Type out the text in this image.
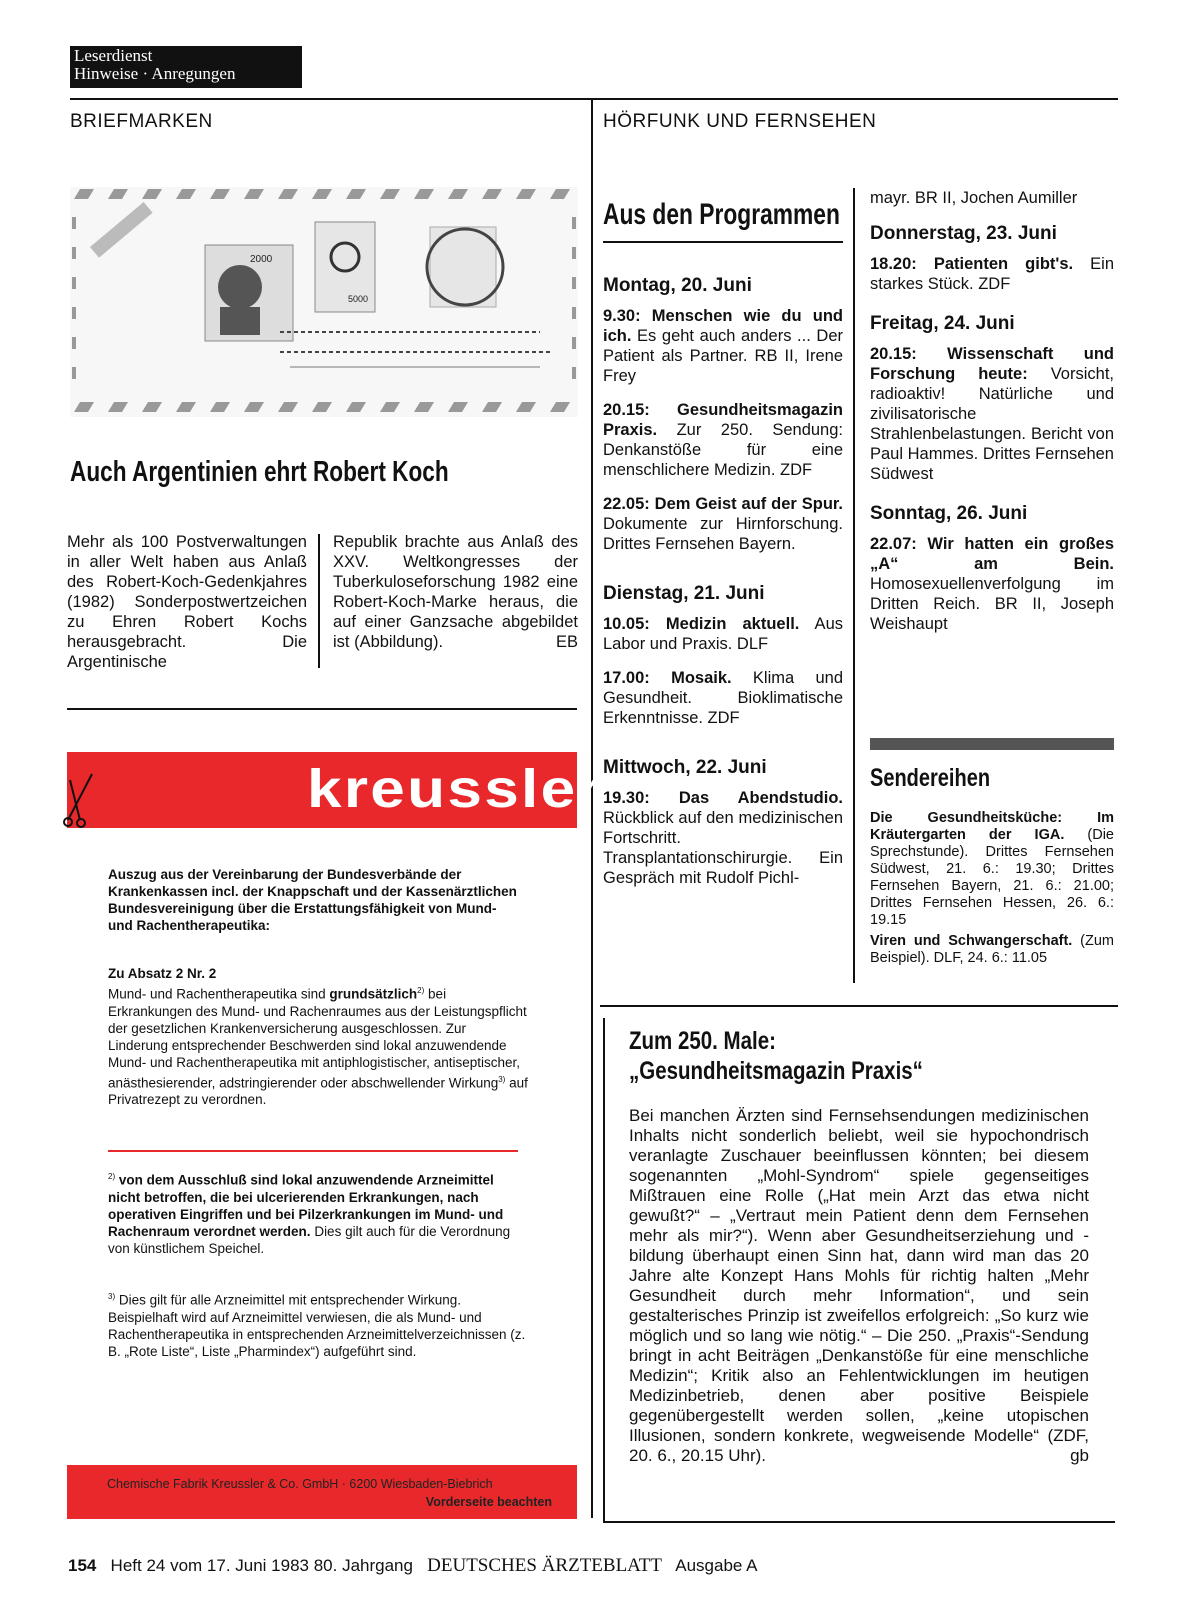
Leserdienst
Hinweise · Anregungen
BRIEFMARKEN
2000
5000
Auch Argentinien ehrt Robert Koch
Mehr als 100 Postverwaltungen in aller Welt haben aus Anlaß des Robert-Koch-Gedenkjahres (1982) Sonderpostwertzeichen zu Ehren Robert Kochs herausgebracht. Die Argentinische
Republik brachte aus Anlaß des XXV. Weltkongresses der Tuberkuloseforschung 1982 eine Robert-Koch-Marke heraus, die auf einer Ganzsache abgebildet ist (Abbildung).	EB
kreussler
Auszug aus der Vereinbarung der Bundesverbände der Krankenkassen incl. der Knappschaft und der Kassenärztlichen Bundesvereinigung über die Erstattungsfähigkeit von Mund- und Rachentherapeutika:
Zu Absatz 2 Nr. 2
Mund- und Rachentherapeutika sind grundsätzlich$^{2)}$ bei Erkrankungen des Mund- und Rachenraumes aus der Leistungspflicht der gesetzlichen Krankenversicherung ausgeschlossen. Zur Linderung entsprechender Beschwerden sind lokal anzuwendende Mund- und Rachentherapeutika mit antiphlogistischer, antiseptischer, anästhesierender, adstringierender oder abschwellender Wirkung$^{3)}$ auf Privatrezept zu verordnen.
$^{2)}$ von dem Ausschluß sind lokal anzuwendende Arzneimittel nicht betroffen, die bei ulcerierenden Erkrankungen, nach operativen Eingriffen und bei Pilzerkrankungen im Mund- und Rachenraum verordnet werden. Dies gilt auch für die Verordnung von künstlichem Speichel.
$^{3)}$ Dies gilt für alle Arzneimittel mit entsprechender Wirkung. Beispielhaft wird auf Arzneimittel verwiesen, die als Mund- und Rachentherapeutika in entsprechenden Arzneimittelverzeichnissen (z. B. „Rote Liste“, Liste „Pharmindex“) aufgeführt sind.
Chemische Fabrik Kreussler & Co. GmbH · 6200 Wiesbaden-Biebrich
Vorderseite beachten
HÖRFUNK UND FERNSEHEN
Aus den Programmen
Montag, 20. Juni
9.30: Menschen wie du und ich. Es geht auch anders ... Der Patient als Partner. RB II, Irene Frey
20.15: Gesundheitsmagazin Praxis. Zur 250. Sendung: Denkanstöße für eine menschlichere Medizin. ZDF
22.05: Dem Geist auf der Spur. Dokumente zur Hirnforschung. Drittes Fernsehen Bayern.
Dienstag, 21. Juni
10.05: Medizin aktuell. Aus Labor und Praxis. DLF
17.00: Mosaik. Klima und Gesundheit. Bioklimatische Erkenntnisse. ZDF
Mittwoch, 22. Juni
19.30: Das Abendstudio. Rückblick auf den medizinischen Fortschritt. Transplantationschirurgie. Ein Gespräch mit Rudolf Pichl-
mayr. BR II, Jochen Aumiller
Donnerstag, 23. Juni
18.20: Patienten gibt's. Ein starkes Stück. ZDF
Freitag, 24. Juni
20.15: Wissenschaft und Forschung heute: Vorsicht, radioaktiv! Natürliche und zivilisatorische Strahlenbelastungen. Bericht von Paul Hammes. Drittes Fernsehen Südwest
Sonntag, 26. Juni
22.07: Wir hatten ein großes „A“ am Bein. Homosexuellenverfolgung im Dritten Reich. BR II, Joseph Weishaupt
Sendereihen
Die Gesundheitsküche: Im Kräutergarten der IGA. (Die Sprechstunde). Drittes Fernsehen Südwest, 21. 6.: 19.30; Drittes Fernsehen Bayern, 21. 6.: 21.00; Drittes Fernsehen Hessen, 26. 6.: 19.15
Viren und Schwangerschaft. (Zum Beispiel). DLF, 24. 6.: 11.05
Zum 250. Male:
„Gesundheitsmagazin Praxis“
Bei manchen Ärzten sind Fernsehsendungen medizinischen Inhalts nicht sonderlich beliebt, weil sie hypochondrisch veranlagte Zuschauer beeinflussen könnten; bei diesem sogenannten „Mohl-Syndrom“ spiele gegenseitiges Mißtrauen eine Rolle („Hat mein Arzt das etwa nicht gewußt?“ – „Vertraut mein Patient denn dem Fernsehen mehr als mir?“). Wenn aber Gesundheitserziehung und -bildung überhaupt einen Sinn hat, dann wird man das 20 Jahre alte Konzept Hans Mohls für richtig halten „Mehr Gesundheit durch mehr Information“, und sein gestalterisches Prinzip ist zweifellos erfolgreich: „So kurz wie möglich und so lang wie nötig.“ – Die 250. „Praxis“-Sendung bringt in acht Beiträgen „Denkanstöße für eine menschliche Medizin“; Kritik also an Fehlentwicklungen im heutigen Medizinbetrieb, denen aber positive Beispiele gegenübergestellt werden sollen, „keine utopischen Illusionen, sondern konkrete, wegweisende Modelle“ (ZDF, 20. 6., 20.15 Uhr).	gb
154 Heft 24 vom 17. Juni 1983 80. Jahrgang DEUTSCHES ÄRZTEBLATT Ausgabe A
